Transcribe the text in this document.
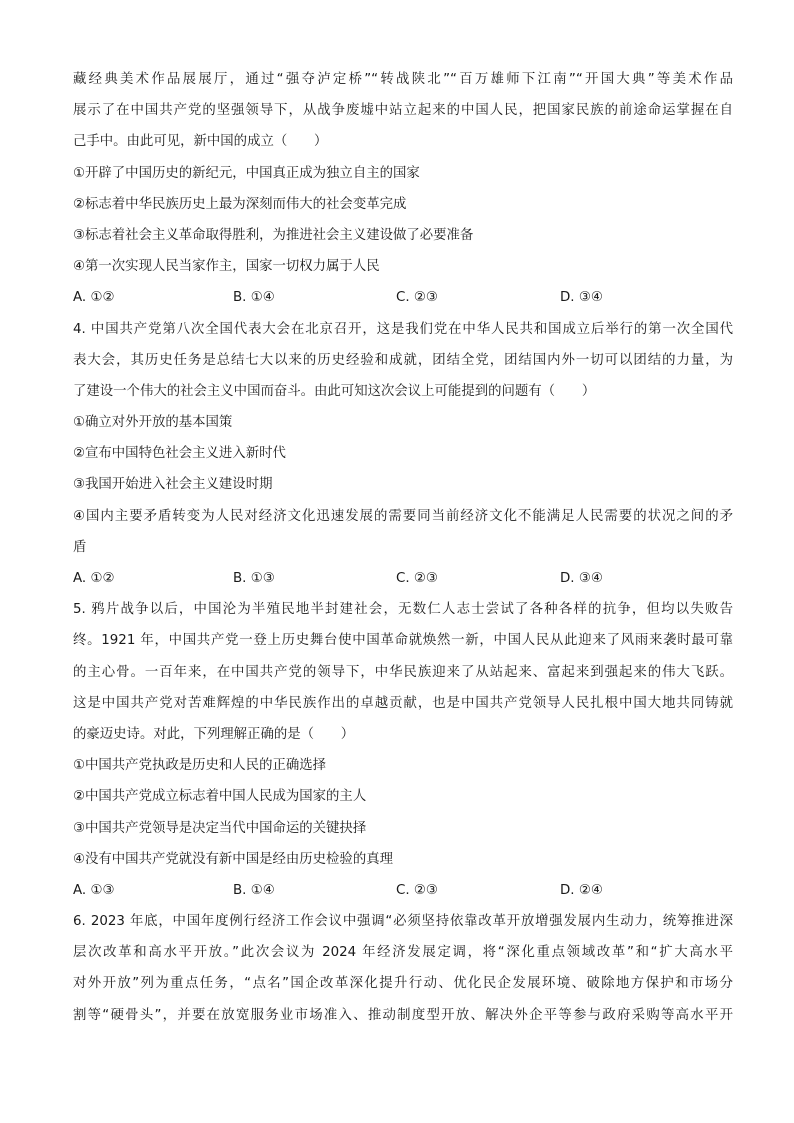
藏经典美术作品展展厅，通过“强夺泸定桥”“转战陕北”“百万雄师下江南”“开国大典”等美术作品
展示了在中国共产党的坚强领导下，从战争废墟中站立起来的中国人民，把国家民族的前途命运掌握在自
己手中。由此可见，新中国的成立（　　）
①开辟了中国历史的新纪元，中国真正成为独立自主的国家
②标志着中华民族历史上最为深刻而伟大的社会变革完成
③标志着社会主义革命取得胜利，为推进社会主义建设做了必要准备
④第一次实现人民当家作主，国家一切权力属于人民
A. ①②	B. ①④	C. ②③	D. ③④
4. 中国共产党第八次全国代表大会在北京召开，这是我们党在中华人民共和国成立后举行的第一次全国代
表大会，其历史任务是总结七大以来的历史经验和成就，团结全党，团结国内外一切可以团结的力量，为
了建设一个伟大的社会主义中国而奋斗。由此可知这次会议上可能提到的问题有（　　）
①确立对外开放的基本国策
②宣布中国特色社会主义进入新时代
③我国开始进入社会主义建设时期
④国内主要矛盾转变为人民对经济文化迅速发展的需要同当前经济文化不能满足人民需要的状况之间的矛
盾
A. ①②	B. ①③	C. ②③	D. ③④
5. 鸦片战争以后，中国沦为半殖民地半封建社会，无数仁人志士尝试了各种各样的抗争，但均以失败告
终。1921 年，中国共产党一登上历史舞台使中国革命就焕然一新，中国人民从此迎来了风雨来袭时最可靠
的主心骨。一百年来，在中国共产党的领导下，中华民族迎来了从站起来、富起来到强起来的伟大飞跃。
这是中国共产党对苦难辉煌的中华民族作出的卓越贡献，也是中国共产党领导人民扎根中国大地共同铸就
的豪迈史诗。对此，下列理解正确的是（　　）
①中国共产党执政是历史和人民的正确选择
②中国共产党成立标志着中国人民成为国家的主人
③中国共产党领导是决定当代中国命运的关键抉择
④没有中国共产党就没有新中国是经由历史检验的真理
A. ①③	B. ①④	C. ②③	D. ②④
6. 2023 年底，中国年度例行经济工作会议中强调“必须坚持依靠改革开放增强发展内生动力，统筹推进深
层次改革和高水平开放。”此次会议为 2024 年经济发展定调，将“深化重点领域改革”和“扩大高水平
对外开放”列为重点任务，“点名”国企改革深化提升行动、优化民企发展环境、破除地方保护和市场分
割等“硬骨头”，并要在放宽服务业市场准入、推动制度型开放、解决外企平等参与政府采购等高水平开
